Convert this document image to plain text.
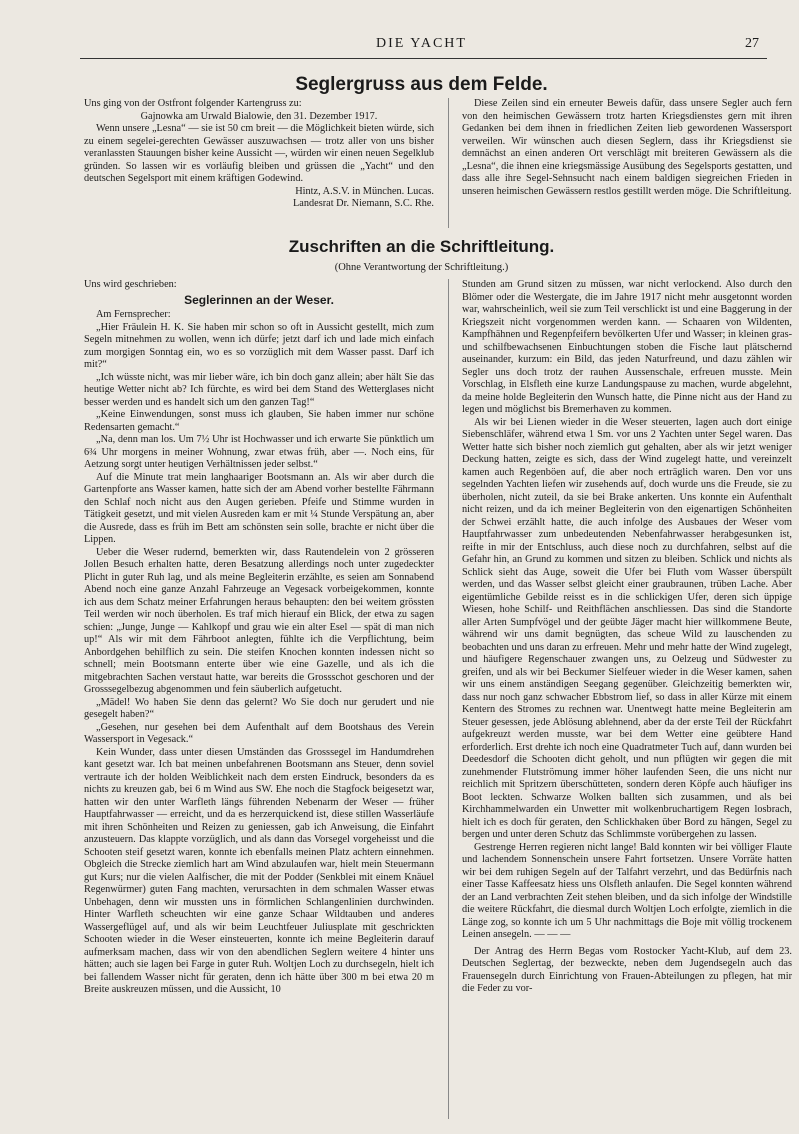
DIE YACHT	27
Seglergruss aus dem Felde.

Uns ging von der Ostfront folgender Kartengruss zu:

Gajnowka am Urwald Bialowie, den 31. Dezember 1917.

Wenn unsere „Lesna“ — sie ist 50 cm breit — die Möglichkeit bieten würde, sich zu einem segelei-gerechten Gewässer auszuwachsen — trotz aller von uns bisher veranlassten Stauungen bisher keine Aussicht —, würden wir einen neuen Segelklub gründen. So lassen wir es vorläufig bleiben und grüssen die „Yacht“ und den deutschen Segelsport mit einem kräftigen Godewind.

Hintz, A.S.V. in München. Lucas.

Landesrat Dr. Niemann, S.C. Rhe.

Diese Zeilen sind ein erneuter Beweis dafür, dass unsere Segler auch fern von den heimischen Gewässern trotz harten Kriegsdienstes gern mit ihren Gedanken bei dem ihnen in friedlichen Zeiten lieb gewordenen Wassersport verweilen. Wir wünschen auch diesen Seglern, dass ihr Kriegsdienst sie demnächst an einen anderen Ort verschlägt mit breiteren Gewässern als die „Lesna“, die ihnen eine kriegsmässige Ausübung des Segelsports gestatten, und dass alle ihre Segel-Sehnsucht nach einem baldigen siegreichen Frieden in unseren heimischen Gewässern restlos gestillt werden möge. Die Schriftleitung.

Zuschriften an die Schriftleitung.
(Ohne Verantwortung der Schriftleitung.)

Uns wird geschrieben:

Seglerinnen an der Weser.

Am Fernsprecher:

„Hier Fräulein H. K. Sie haben mir schon so oft in Aussicht gestellt, mich zum Segeln mitnehmen zu wollen, wenn ich dürfe; jetzt darf ich und lade mich einfach zum morgigen Sonntag ein, wo es so vorzüglich mit dem Wasser passt. Darf ich mit?“

„Ich wüsste nicht, was mir lieber wäre, ich bin doch ganz allein; aber hält Sie das heutige Wetter nicht ab? Ich fürchte, es wird bei dem Stand des Wetterglases nicht besser werden und es handelt sich um den ganzen Tag!“

„Keine Einwendungen, sonst muss ich glauben, Sie haben immer nur schöne Redensarten gemacht.“

„Na, denn man los. Um 7½ Uhr ist Hochwasser und ich erwarte Sie pünktlich um 6¾ Uhr morgens in meiner Wohnung, zwar etwas früh, aber —. Noch eins, für Aetzung sorgt unter heutigen Verhältnissen jeder selbst.“

Auf die Minute trat mein langhaariger Bootsmann an. Als wir aber durch die Gartenpforte ans Wasser kamen, hatte sich der am Abend vorher bestellte Fährmann den Schlaf noch nicht aus den Augen gerieben. Pfeife und Stimme wurden in Tätigkeit gesetzt, und mit vielen Ausreden kam er mit ¼ Stunde Verspätung an, aber die Ausrede, dass es früh im Bett am schönsten sein solle, brachte er nicht über die Lippen.

Ueber die Weser rudernd, bemerkten wir, dass Rautendelein von 2 grösseren Jollen Besuch erhalten hatte, deren Besatzung allerdings noch unter zugedeckter Plicht in guter Ruh lag, und als meine Begleiterin erzählte, es seien am Sonnabend Abend noch eine ganze Anzahl Fahrzeuge an Vegesack vorbeigekommen, konnte ich aus dem Schatz meiner Erfahrungen heraus behaupten: den bei weitem grössten Teil werden wir noch überholen. Es traf mich hierauf ein Blick, der etwa zu sagen schien: „Junge, Junge — Kahlkopf und grau wie ein alter Esel — spät di man nich up!“ Als wir mit dem Fährboot anlegten, fühlte ich die Verpflichtung, beim Anbordgehen behilflich zu sein. Die steifen Knochen konnten indessen nicht so schnell; mein Bootsmann enterte über wie eine Gazelle, und als ich die mitgebrachten Sachen verstaut hatte, war bereits die Grossschot geschoren und der Grosssegelbezug abgenommen und fein säuberlich aufgetucht.

„Mädel! Wo haben Sie denn das gelernt? Wo Sie doch nur gerudert und nie gesegelt haben?“

„Gesehen, nur gesehen bei dem Aufenthalt auf dem Bootshaus des Verein Wassersport in Vegesack.“

Kein Wunder, dass unter diesen Umständen das Grosssegel im Handumdrehen kant gesetzt war. Ich bat meinen unbefahrenen Bootsmann ans Steuer, denn soviel vertraute ich der holden Weiblichkeit nach dem ersten Eindruck, besonders da es nichts zu kreuzen gab, bei 6 m Wind aus SW. Ehe noch die Stagfock beigesetzt war, hatten wir den unter Warfleth längs führenden Nebenarm der Weser — früher Hauptfahrwasser — erreicht, und da es herzerquickend ist, diese stillen Wasserläufe mit ihren Schönheiten und Reizen zu geniessen, gab ich Anweisung, die Einfahrt anzusteuern. Das klappte vorzüglich, und als dann das Vorsegel vorgeheisst und die Schooten steif gesetzt waren, konnte ich ebenfalls meinen Platz achtern einnehmen. Obgleich die Strecke ziemlich hart am Wind abzulaufen war, hielt mein Steuermann gut Kurs; nur die vielen Aalfischer, die mit der Podder (Senkblei mit einem Knäuel Regenwürmer) guten Fang machten, verursachten in dem schmalen Wasser etwas Unbehagen, denn wir mussten uns in förmlichen Schlangenlinien durchwinden. Hinter Warfleth scheuchten wir eine ganze Schaar Wildtauben und anderes Wassergeflügel auf, und als wir beim Leuchtfeuer Juliusplate mit geschrickten Schooten wieder in die Weser einsteuerten, konnte ich meine Begleiterin darauf aufmerksam machen, dass wir von den abendlichen Seglern weitere 4 hinter uns hätten; auch sie lagen bei Farge in guter Ruh. Woltjen Loch zu durchsegeln, hielt ich bei fallendem Wasser nicht für geraten, denn ich hätte über 300 m bei etwa 20 m Breite auskreuzen müssen, und die Aussicht, 10

Stunden am Grund sitzen zu müssen, war nicht verlockend. Also durch den Blömer oder die Westergate, die im Jahre 1917 nicht mehr ausgetonnt worden war, wahrscheinlich, weil sie zum Teil verschlickt ist und eine Baggerung in der Kriegszeit nicht vorgenommen werden kann. — Schaaren von Wildenten, Kampfhähnen und Regenpfeifern bevölkerten Ufer und Wasser; in kleinen gras- und schilfbewachsenen Einbuchtungen stoben die Fische laut plätschernd auseinander, kurzum: ein Bild, das jeden Naturfreund, und dazu zählen wir Segler uns doch trotz der rauhen Aussenschale, erfreuen musste. Mein Vorschlag, in Elsfleth eine kurze Landungspause zu machen, wurde abgelehnt, da meine holde Begleiterin den Wunsch hatte, die Pinne nicht aus der Hand zu legen und möglichst bis Bremerhaven zu kommen.

Als wir bei Lienen wieder in die Weser steuerten, lagen auch dort einige Siebenschläfer, während etwa 1 Sm. vor uns 2 Yachten unter Segel waren. Das Wetter hatte sich bisher noch ziemlich gut gehalten, aber als wir jetzt weniger Deckung hatten, zeigte es sich, dass der Wind zugelegt hatte, und vereinzelt kamen auch Regenböen auf, die aber noch erträglich waren. Den vor uns segelnden Yachten liefen wir zusehends auf, doch wurde uns die Freude, sie zu überholen, nicht zuteil, da sie bei Brake ankerten. Uns konnte ein Aufenthalt nicht reizen, und da ich meiner Begleiterin von den eigenartigen Schönheiten der Schwei erzählt hatte, die auch infolge des Ausbaues der Weser vom Hauptfahrwasser zum unbedeutenden Nebenfahrwasser herabgesunken ist, reifte in mir der Entschluss, auch diese noch zu durchfahren, selbst auf die Gefahr hin, an Grund zu kommen und sitzen zu bleiben. Schlick und nichts als Schlick sieht das Auge, soweit die Ufer bei Fluth vom Wasser überspült werden, und das Wasser selbst gleicht einer graubraunen, trüben Lache. Aber eigentümliche Gebilde reisst es in die schlickigen Ufer, deren sich üppige Wiesen, hohe Schilf- und Reithflächen anschliessen. Das sind die Standorte aller Arten Sumpfvögel und der geübte Jäger macht hier willkommene Beute, während wir uns damit begnügten, das scheue Wild zu lauschenden zu beobachten und uns daran zu erfreuen. Mehr und mehr hatte der Wind zugelegt, und häufigere Regenschauer zwangen uns, zu Oelzeug und Südwester zu greifen, und als wir bei Beckumer Sielfeuer wieder in die Weser kamen, sahen wir uns einem anständigen Seegang gegenüber. Gleichzeitig bemerkten wir, dass nur noch ganz schwacher Ebbstrom lief, so dass in aller Kürze mit einem Kentern des Stromes zu rechnen war. Unentwegt hatte meine Begleiterin am Steuer gesessen, jede Ablösung ablehnend, aber da der erste Teil der Rückfahrt aufgekreuzt werden musste, war bei dem Wetter eine geübtere Hand erforderlich. Erst drehte ich noch eine Quadratmeter Tuch auf, dann wurden bei Deedesdorf die Schooten dicht geholt, und nun pflügten wir gegen die mit zunehmender Flutströmung immer höher laufenden Seen, die uns nicht nur reichlich mit Spritzern überschütteten, sondern deren Köpfe auch häufiger ins Boot leckten. Schwarze Wolken ballten sich zusammen, und als bei Kirchhammelwarden ein Unwetter mit wolkenbruchartigem Regen losbrach, hielt ich es doch für geraten, den Schlickhaken über Bord zu hängen, Segel zu bergen und unter deren Schutz das Schlimmste vorübergehen zu lassen.

Gestrenge Herren regieren nicht lange! Bald konnten wir bei völliger Flaute und lachendem Sonnenschein unsere Fahrt fortsetzen. Unsere Vorräte hatten wir bei dem ruhigen Segeln auf der Talfahrt verzehrt, und das Bedürfnis nach einer Tasse Kaffeesatz hiess uns Olsfleth anlaufen. Die Segel konnten während der an Land verbrachten Zeit stehen bleiben, und da sich infolge der Windstille die weitere Rückfahrt, die diesmal durch Woltjen Loch erfolgte, ziemlich in die Länge zog, so konnte ich um 5 Uhr nachmittags die Boje mit völlig trockenem Leinen ansegeln. — — —

Der Antrag des Herrn Begas vom Rostocker Yacht-Klub, auf dem 23. Deutschen Seglertag, der bezweckte, neben dem Jugendsegeln auch das Frauensegeln durch Einrichtung von Frauen-Abteilungen zu pflegen, hat mir die Feder zu vor-
